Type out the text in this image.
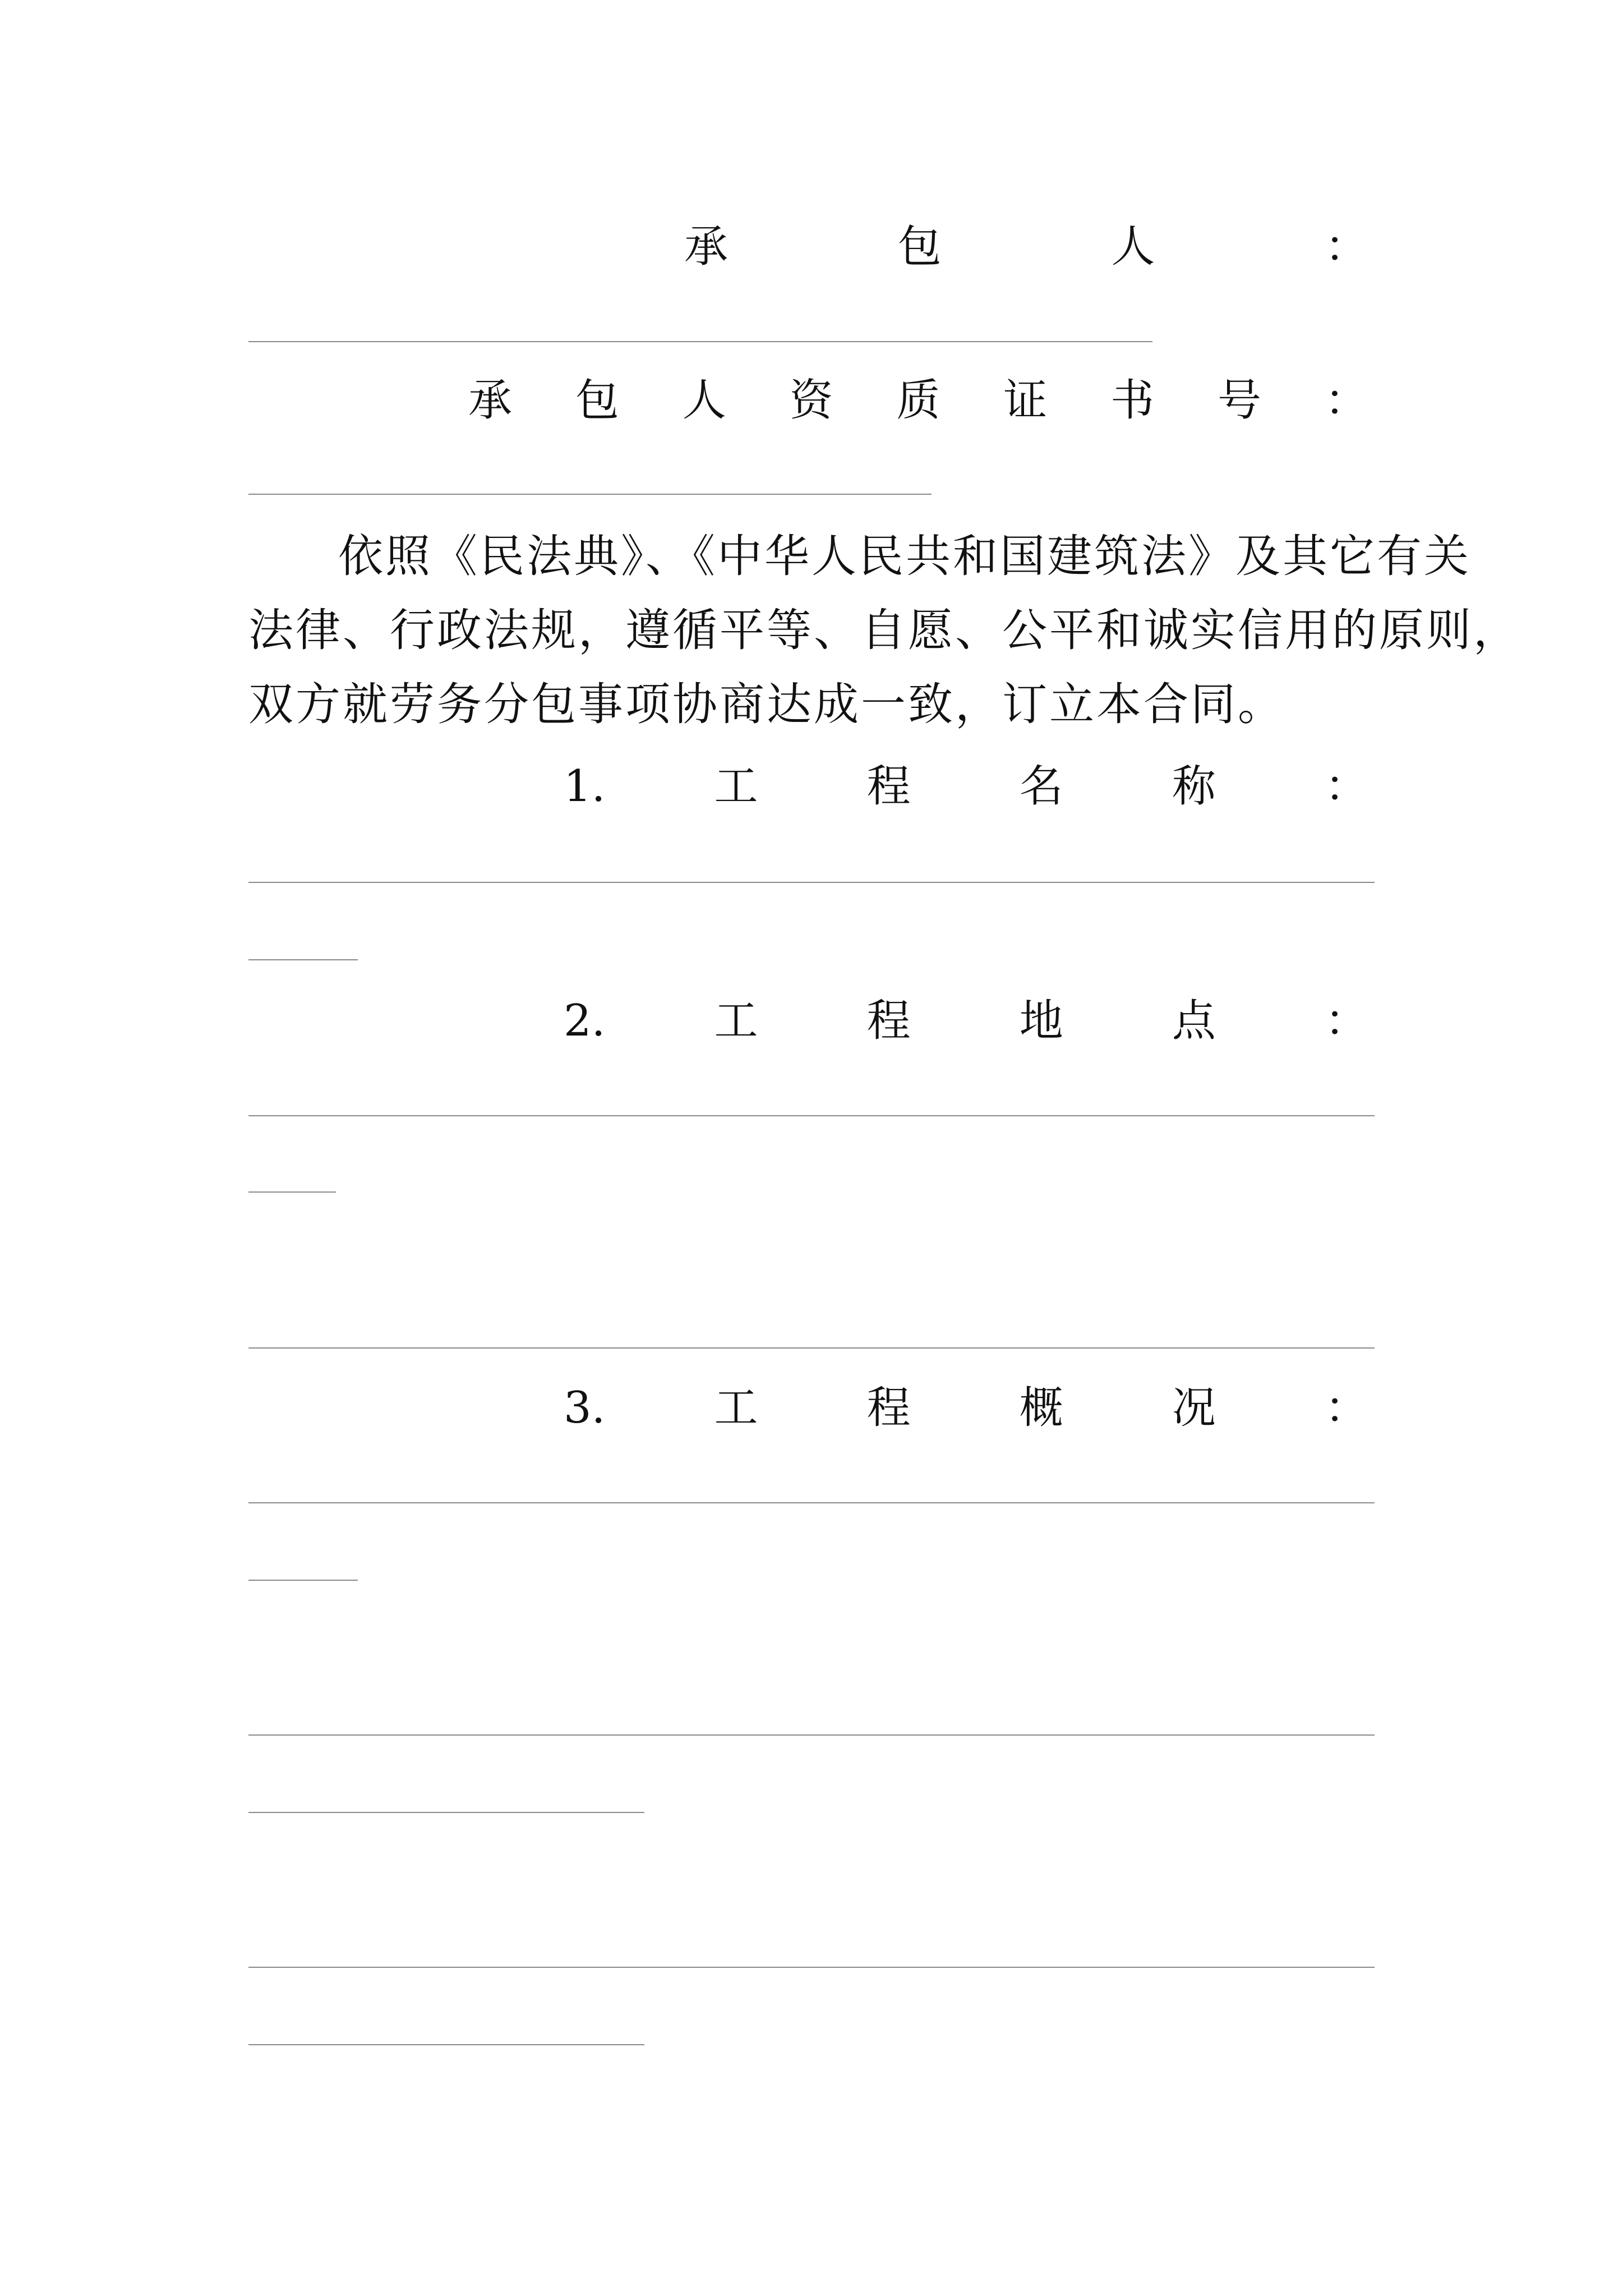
承	包	人	：
承 包 人 资 质 证 书 号 ：
依照《民法典》、《中华人民共和国建筑法》及其它有关
法律、行政法规，遵循平等、自愿、公平和诚实信用的原则，
双方就劳务分包事项协商达成一致，订立本合同。
1. 工 程 名 称 ：
2. 工 程 地 点 ：
3. 工 程 概 况 ：
